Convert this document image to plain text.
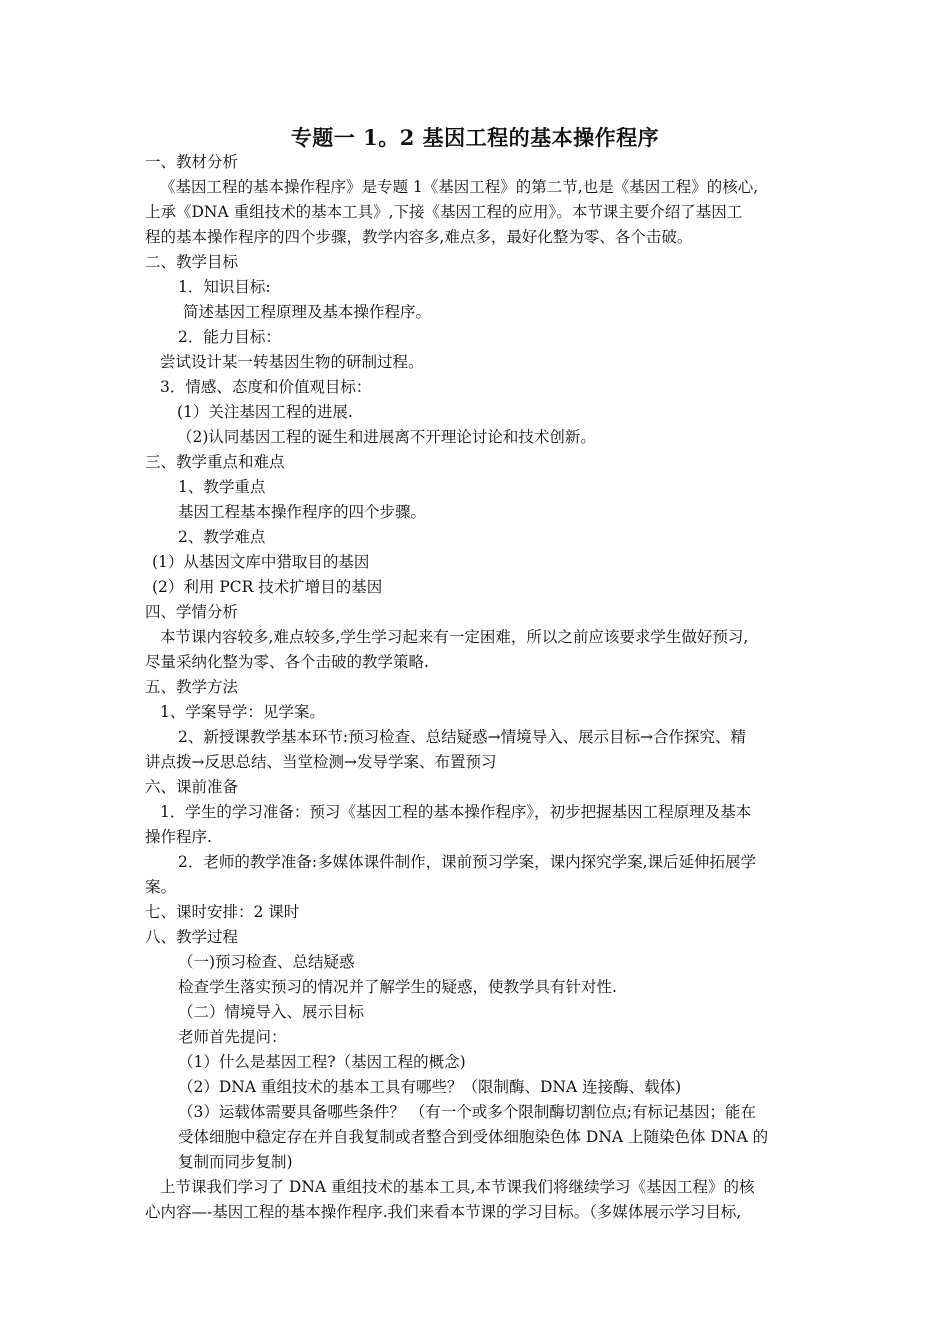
专题一 1。2 基因工程的基本操作程序
一、教材分析
《基因工程的基本操作程序》是专题 1《基因工程》的第二节,也是《基因工程》的核心,
上承《DNA 重组技术的基本工具》,下接《基因工程的应用》。本节课主要介绍了基因工
程的基本操作程序的四个步骤，教学内容多,难点多，最好化整为零、各个击破。
二、教学目标
1．知识目标:
简述基因工程原理及基本操作程序。
2．能力目标：
尝试设计某一转基因生物的研制过程。
3．情感、态度和价值观目标：
(1）关注基因工程的进展.
（2)认同基因工程的诞生和进展离不开理论讨论和技术创新。
三、教学重点和难点
1、教学重点
基因工程基本操作程序的四个步骤。
2、教学难点
(1）从基因文库中猎取目的基因
(2）利用 PCR 技术扩增目的基因
四、学情分析
本节课内容较多,难点较多,学生学习起来有一定困难，所以之前应该要求学生做好预习,
尽量采纳化整为零、各个击破的教学策略.
五、教学方法
1、学案导学：见学案。
2、新授课教学基本环节:预习检查、总结疑惑→情境导入、展示目标→合作探究、精
讲点拨→反思总结、当堂检测→发导学案、布置预习
六、课前准备
1．学生的学习准备：预习《基因工程的基本操作程序》，初步把握基因工程原理及基本
操作程序.
2．老师的教学准备:多媒体课件制作，课前预习学案，课内探究学案,课后延伸拓展学
案。
七、课时安排：2 课时
八、教学过程
（一)预习检查、总结疑惑
检查学生落实预习的情况并了解学生的疑惑，使教学具有针对性.
（二）情境导入、展示目标
老师首先提问：
（1）什么是基因工程?（基因工程的概念)
（2）DNA 重组技术的基本工具有哪些？（限制酶、DNA 连接酶、载体)
（3）运载体需要具备哪些条件？ （有一个或多个限制酶切割位点;有标记基因；能在
受体细胞中稳定存在并自我复制或者整合到受体细胞染色体 DNA 上随染色体 DNA 的
复制而同步复制)
上节课我们学习了 DNA 重组技术的基本工具,本节课我们将继续学习《基因工程》的核
心内容—-基因工程的基本操作程序.我们来看本节课的学习目标。（多媒体展示学习目标,
